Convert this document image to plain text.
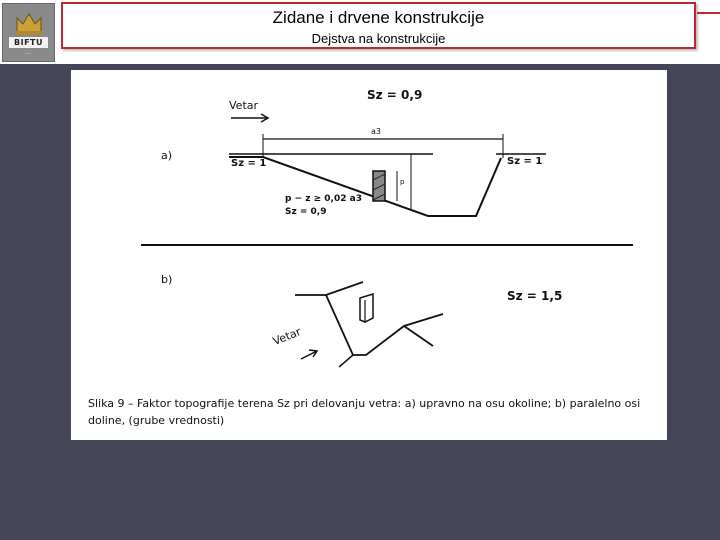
BIFTU
·····
Zidane i drvene konstrukcije
Dejstva na konstrukcije
Vetar
Sz = 0,9
a3
a)
Sz = 1	Sz = 1
p
p − z ≥ 0,02 a3
Sz = 0,9
b)
Sz = 1,5
Vetar
Slika 9 – Faktor topografije terena Sz pri delovanju vetra: a) upravno na osu okoline; b) paralelno osi doline, (grube vrednosti)
